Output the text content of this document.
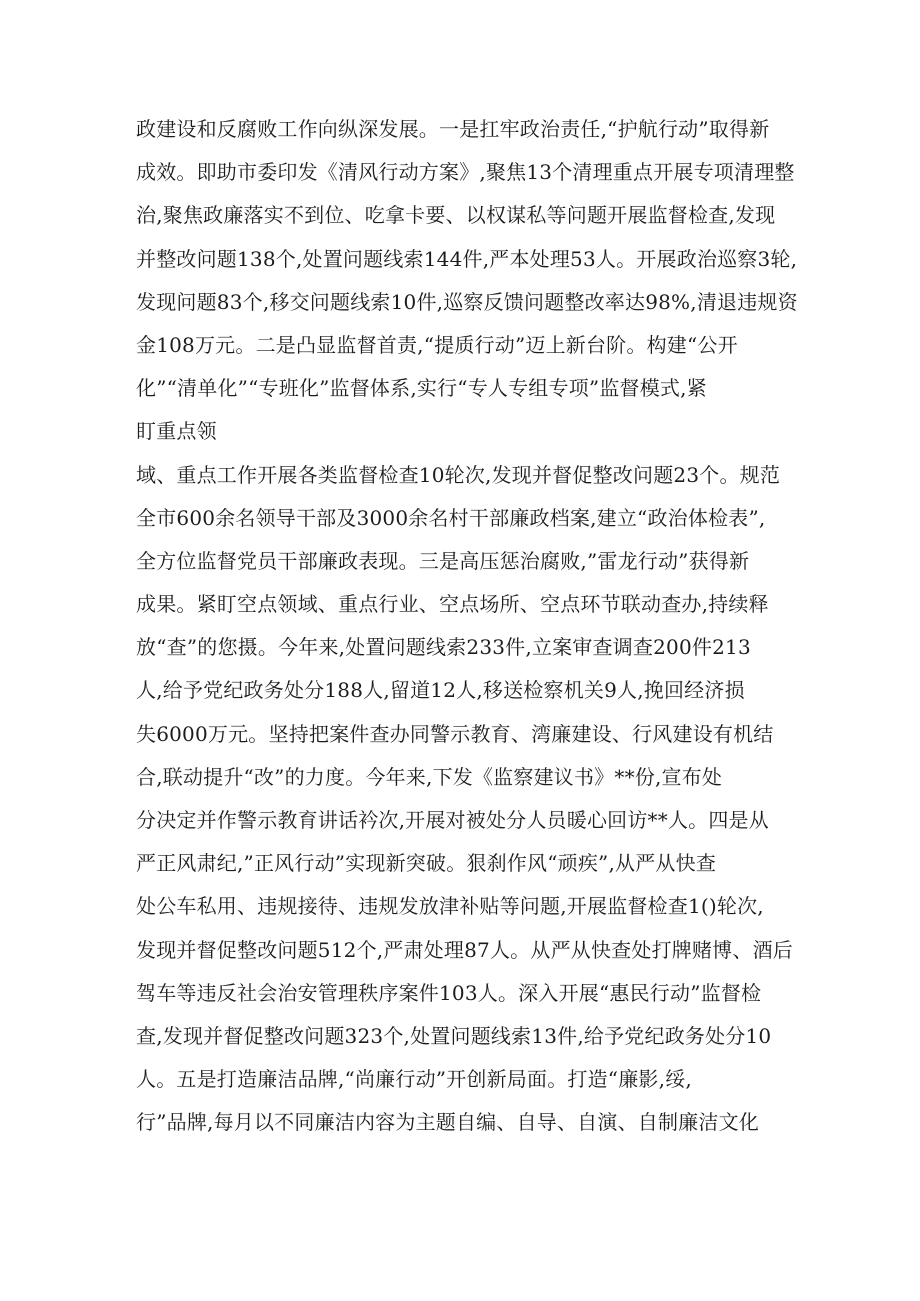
政建设和反腐败工作向纵深发展。一是扛牢政治责任,“护航行动”取得新
成效。即助市委印发《清风行动方案》,聚焦13个清理重点开展专项清理整
治,聚焦政廉落实不到位、吃拿卡要、以权谋私等问题开展监督检查,发现
并整改问题138个,处置问题线索144件,严本处理53人。开展政治巡察3轮,
发现问题83个,移交问题线索10件,巡察反馈问题整改率达98%,清退违规资
金108万元。二是凸显监督首责,“提质行动”迈上新台阶。构建“公开
化”“清单化”“专班化”监督体系,实行“专人专组专项”监督模式,紧
盯重点领
域、重点工作开展各类监督检查10轮次,发现并督促整改问题23个。规范
全市600余名领导干部及3000余名村干部廉政档案,建立“政治体检表”,
全方位监督党员干部廉政表现。三是高压惩治腐败,”雷龙行动”获得新
成果。紧盯空点领域、重点行业、空点场所、空点环节联动查办,持续释
放“查”的您摄。今年来,处置问题线索233件,立案审查调查200件213
人,给予党纪政务处分188人,留道12人,移送检察机关9人,挽回经济损
失6000万元。坚持把案件查办同警示教育、湾廉建设、行风建设有机结
合,联动提升“改”的力度。今年来,下发《监察建议书》**份,宣布处
分决定并作警示教育讲话衿次,开展对被处分人员暖心回访**人。四是从
严正风肃纪,”正风行动”实现新突破。狠刹作风“顽疾”,从严从快查
处公车私用、违规接待、违规发放津补贴等问题,开展监督检查1()轮次,
发现并督促整改问题512个,严肃处理87人。从严从快查处打牌赌博、酒后
驾车等违反社会治安管理秩序案件103人。深入开展“惠民行动”监督检
查,发现并督促整改问题323个,处置问题线索13件,给予党纪政务处分10
人。五是打造廉洁品牌,“尚廉行动”开创新局面。打造“廉影,绥,
行”品牌,每月以不同廉洁内容为主题自编、自导、自演、自制廉洁文化
